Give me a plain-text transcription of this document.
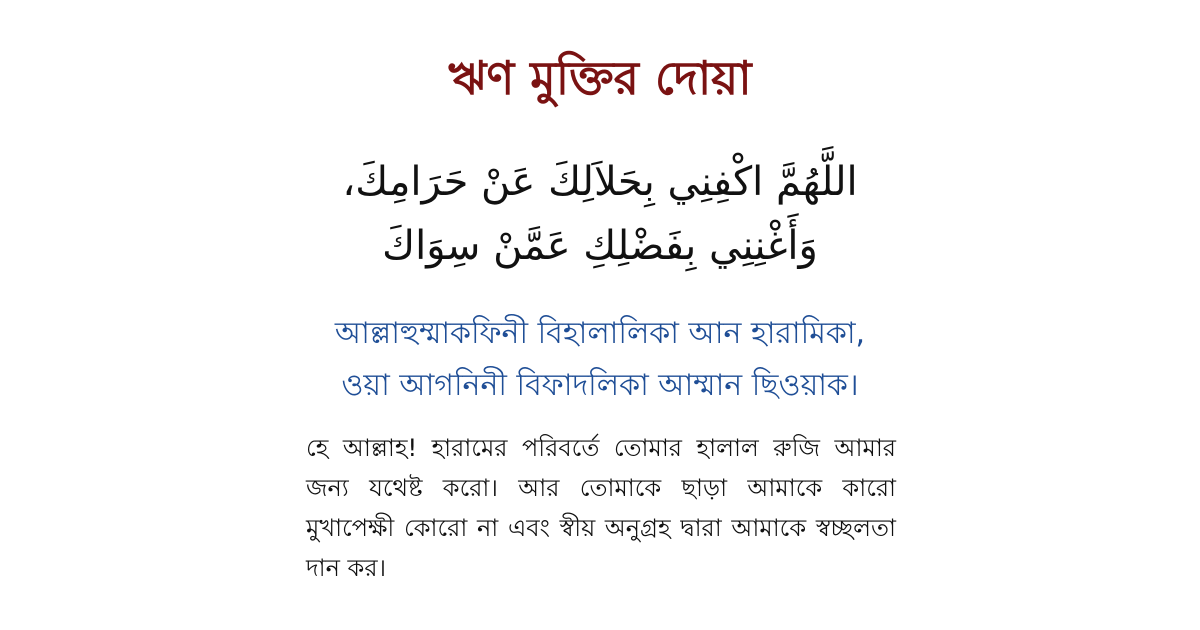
ঋণ মুক্তির দোয়া
اللَّهُمَّ اكْفِنِي بِحَلاَلِكَ عَنْ حَرَامِكَ،
وَأَغْنِنِي بِفَضْلِكِ عَمَّنْ سِوَاكَ
আল্লাহুম্মাকফিনী বিহালালিকা আন হারামিকা,
ওয়া আগনিনী বিফাদলিকা আম্মান ছিওয়াক।
হে আল্লাহ! হারামের পরিবর্তে তোমার হালাল রুজি আমার জন্য যথেষ্ট করো। আর তোমাকে ছাড়া আমাকে কারো মুখাপেক্ষী কোরো না এবং স্বীয় অনুগ্রহ দ্বারা আমাকে স্বচ্ছলতা দান কর।
